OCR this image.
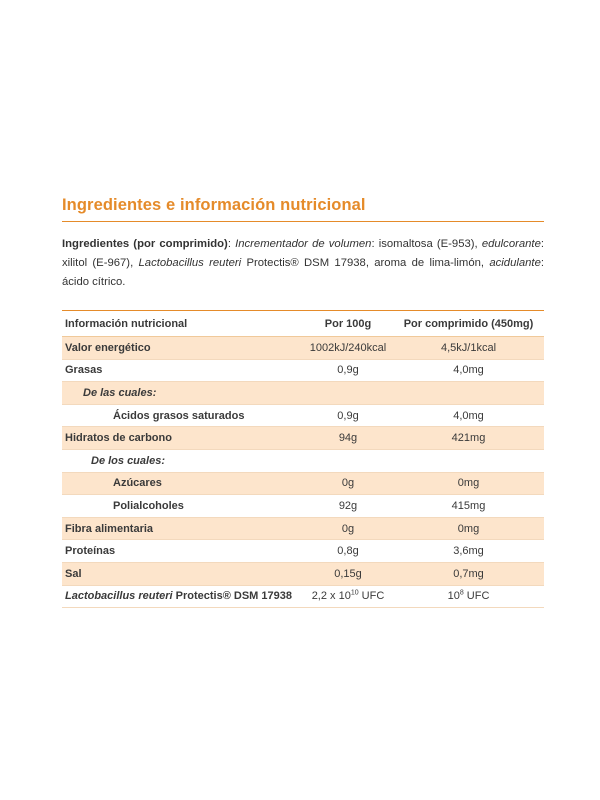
Ingredientes e información nutricional
Ingredientes (por comprimido): Incrementador de volumen: isomaltosa (E-953), edulcorante: xilitol (E-967), Lactobacillus reuteri Protectis® DSM 17938, aroma de lima-limón, acidulante: ácido cítrico.
Información nutricional	Por 100g	Por comprimido (450mg)
Valor energético	1002kJ/240kcal	4,5kJ/1kcal
Grasas	0,9g	4,0mg
De las cuales:		
Ácidos grasos saturados	0,9g	4,0mg
Hidratos de carbono	94g	421mg
De los cuales:		
Azúcares	0g	0mg
Polialcoholes	92g	415mg
Fibra alimentaria	0g	0mg
Proteínas	0,8g	3,6mg
Sal	0,15g	0,7mg
Lactobacillus reuteri Protectis® DSM 17938	2,2 x $10^{10}$ UFC	$10^8$ UFC
